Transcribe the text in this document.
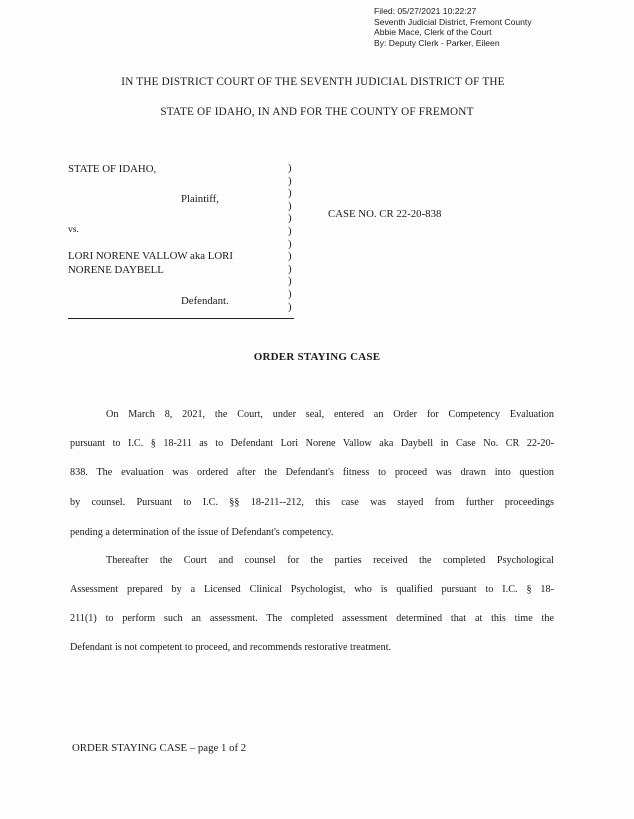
Filed: 05/27/2021 10:22:27
Seventh Judicial District, Fremont County
Abbie Mace, Clerk of the Court
By: Deputy Clerk - Parker, Eileen
IN THE DISTRICT COURT OF THE SEVENTH JUDICIAL DISTRICT OF THE
STATE OF IDAHO, IN AND FOR THE COUNTY OF FREMONT
STATE OF IDAHO,
Plaintiff,
vs.
LORI NORENE VALLOW aka LORI
NORENE DAYBELL
Defendant.
CASE NO. CR 22-20-838
)
)
)
)
)
)
)
)
)
)
)
)
ORDER STAYING CASE
On March 8, 2021, the Court, under seal, entered an Order for Competency Evaluation
pursuant to I.C. § 18-211 as to Defendant Lori Norene Vallow aka Daybell in Case No. CR 22-20-
838. The evaluation was ordered after the Defendant's fitness to proceed was drawn into question
by counsel. Pursuant to I.C. §§ 18-211--212, this case was stayed from further proceedings
pending a determination of the issue of Defendant's competency.
Thereafter the Court and counsel for the parties received the completed Psychological
Assessment prepared by a Licensed Clinical Psychologist, who is qualified pursuant to I.C. § 18-
211(1) to perform such an assessment. The completed assessment determined that at this time the
Defendant is not competent to proceed, and recommends restorative treatment.
ORDER STAYING CASE – page 1 of 2
